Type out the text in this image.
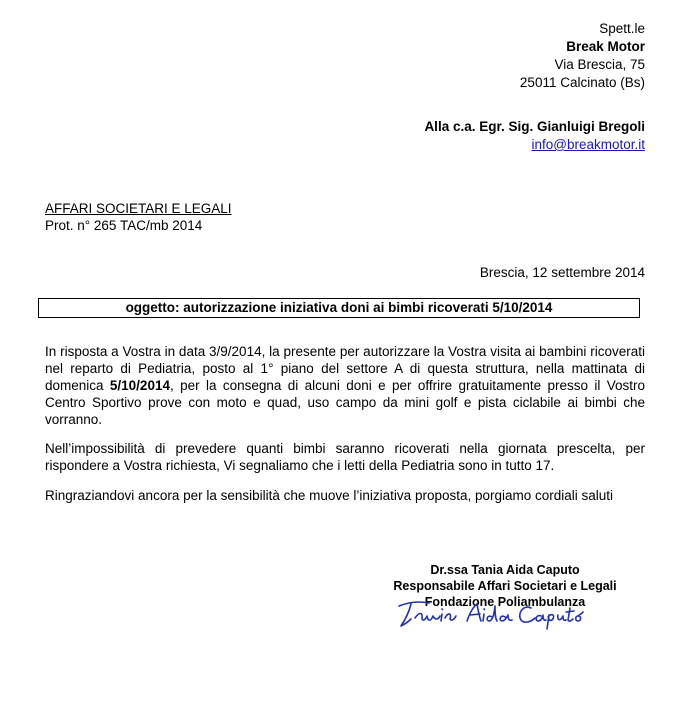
Spett.le
Break Motor
Via Brescia, 75
25011 Calcinato (Bs)
Alla c.a. Egr. Sig. Gianluigi Bregoli
info@breakmotor.it
AFFARI SOCIETARI E LEGALI
Prot. n° 265 TAC/mb 2014
Brescia, 12 settembre 2014
oggetto: autorizzazione iniziativa doni ai bimbi ricoverati 5/10/2014
In risposta a Vostra in data 3/9/2014, la presente per autorizzare la Vostra visita ai bambini ricoverati nel reparto di Pediatria, posto al 1° piano del settore A di questa struttura, nella mattinata di domenica 5/10/2014, per la consegna di alcuni doni e per offrire gratuitamente presso il Vostro Centro Sportivo prove con moto e quad, uso campo da mini golf e pista ciclabile ai bimbi che vorranno.
Nell’impossibilità di prevedere quanti bimbi saranno ricoverati nella giornata prescelta, per rispondere a Vostra richiesta, Vi segnaliamo che i letti della Pediatria sono in tutto 17.
Ringraziandovi ancora per la sensibilità che muove l’iniziativa proposta, porgiamo cordiali saluti
Dr.ssa Tania Aida Caputo
Responsabile Affari Societari e Legali
Fondazione Poliambulanza
